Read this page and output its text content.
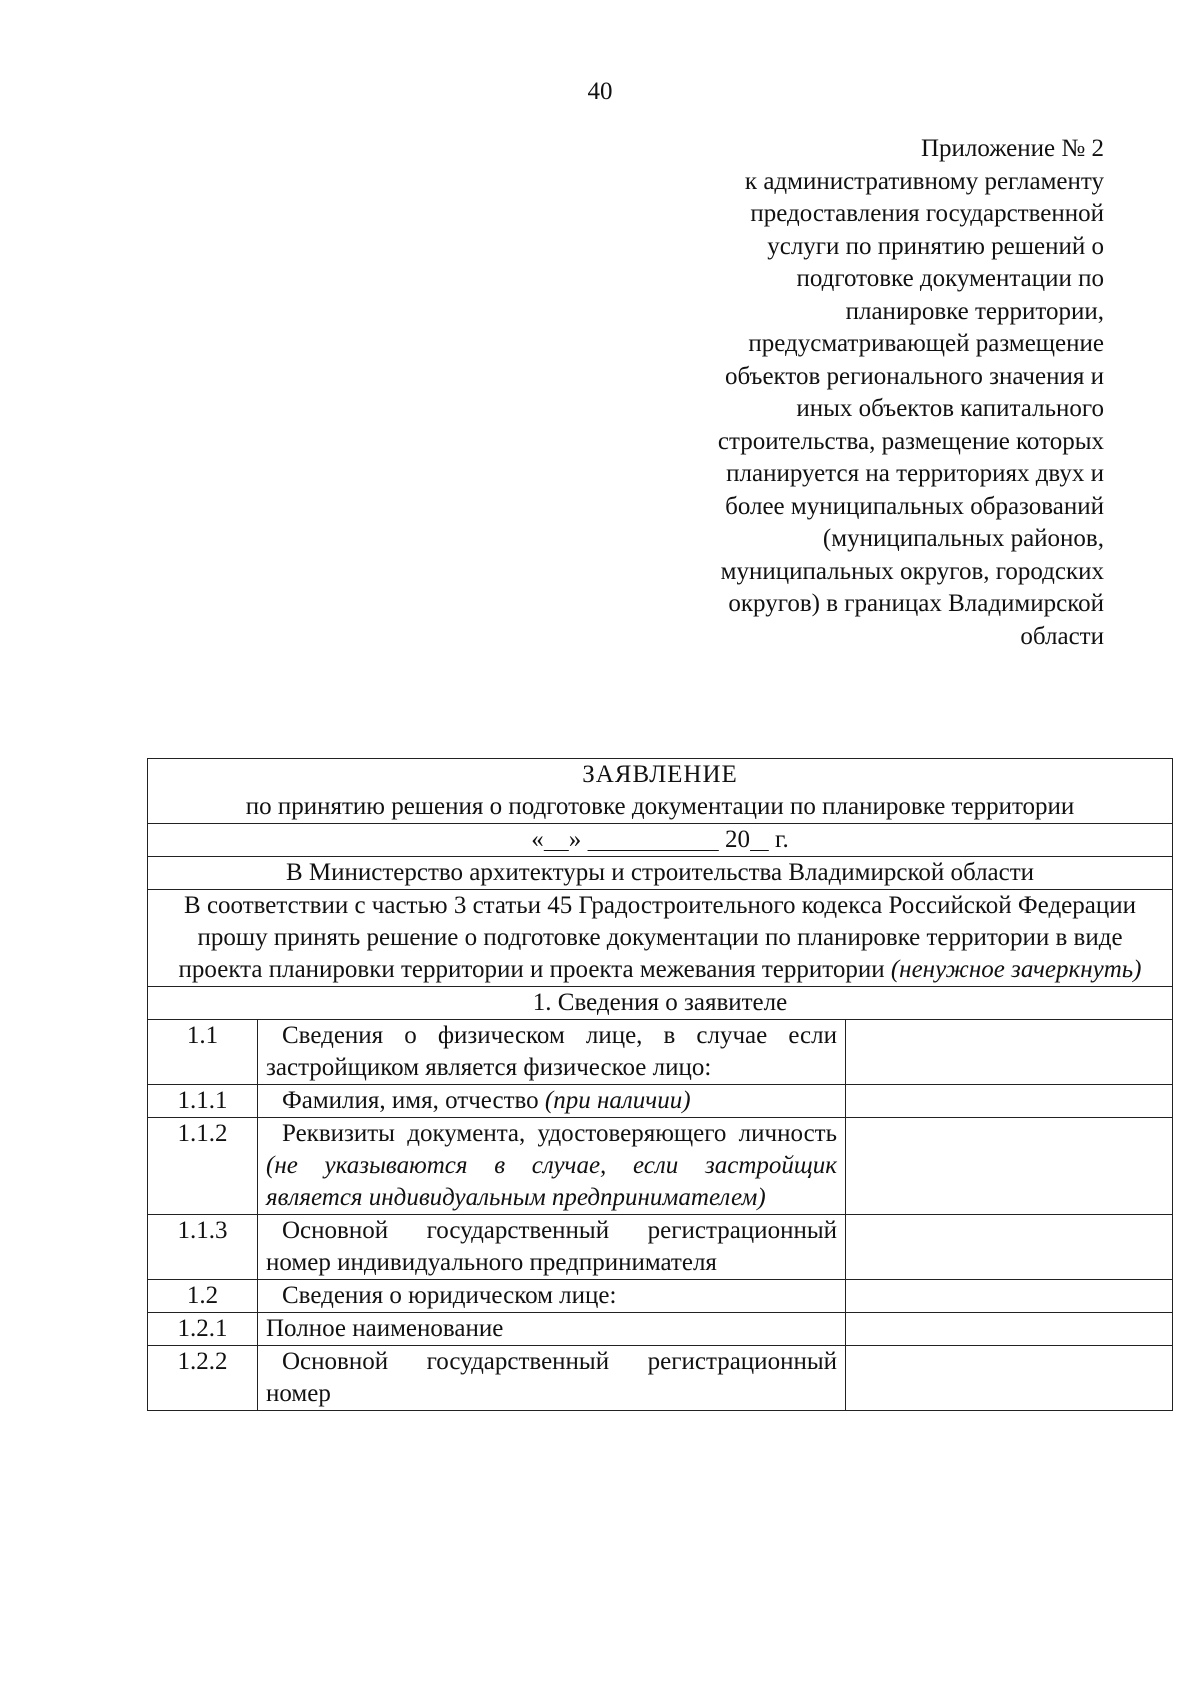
40
Приложение № 2
к административному регламенту
предоставления государственной
услуги по принятию решений о
подготовке документации по
планировке территории,
предусматривающей размещение
объектов регионального значения и
иных объектов капитального
строительства, размещение которых
планируется на территориях двух и
более муниципальных образований
(муниципальных районов,
муниципальных округов, городских
округов) в границах Владимирской
области
ЗАЯВЛЕНИЕ
по принятию решения о подготовке документации по планировке территории		

« » 20    г.		
В Министерство архитектуры и строительства Владимирской области		
В соответствии с частью 3 статьи 45 Градостроительного кодекса Российской Федерации прошу принять решение о подготовке документации по планировке территории в виде проекта планировки территории и проекта межевания территории (ненужное зачеркнуть)		
1. Сведения о заявителе		
1.1	Сведения о физическом лице, в случае если застройщиком является физическое лицо:	
1.1.1	Фамилия, имя, отчество (при наличии)	
1.1.2	Реквизиты документа, удостоверяющего личность (не указываются в случае, если застройщик является индивидуальным предпринимателем)	
1.1.3	Основной государственный регистрационный номер индивидуального предпринимателя	
1.2	Сведения о юридическом лице:	
1.2.1	Полное наименование	
1.2.2	Основной государственный регистрационный номер	
